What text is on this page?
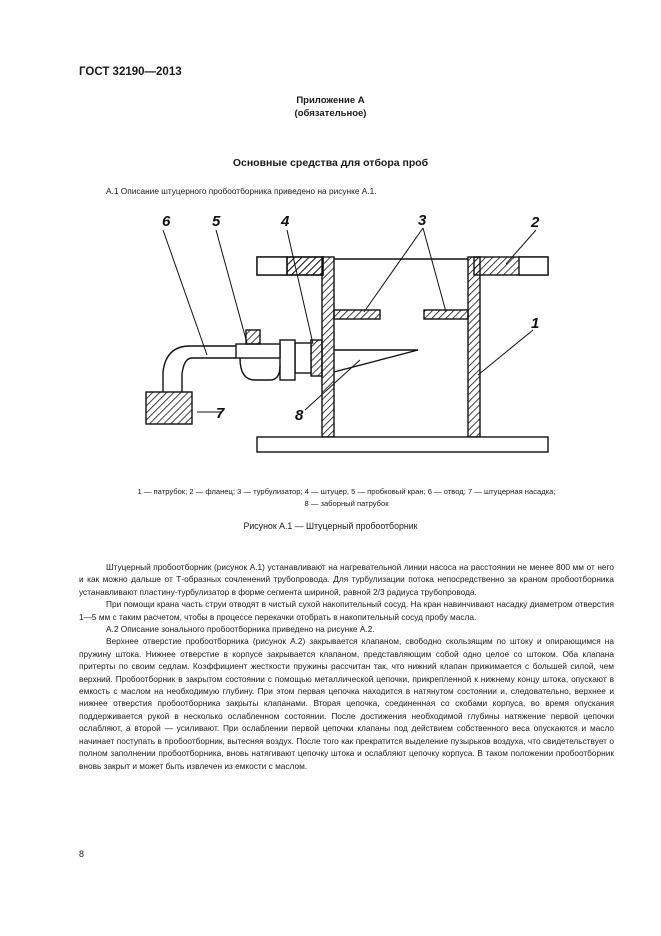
ГОСТ 32190—2013
Приложение А
(обязательное)
Основные средства для отбора проб
А.1 Описание штуцерного пробоотборника приведено на рисунке А.1.
6	5	4	3	2
1
7	8
1 — патрубок; 2 — фланец; 3 — турбулизатор; 4 — штуцер, 5 — пробковый кран; 6 — отвод; 7 — штуцерная насадка;
8 — заборный патрубок
Рисунок А.1 — Штуцерный пробоотборник

Штуцерный пробоотборник (рисунок А.1) устанавливают на нагревательной линии насоса на расстоянии не менее 800 мм от него и как можно дальше от Т-образных сочленений трубопровода. Для турбулизации потока непосредственно за краном пробоотборника устанавливают пластину-турбулизатор в форме сегмента шириной, равной 2/3 радиуса трубопровода.

При помощи крана часть струи отводят в чистый сухой накопительный сосуд. На кран навинчивают насадку диаметром отверстия 1—5 мм с таким расчетом, чтобы в процессе перекачки отобрать в накопительный сосуд пробу масла.

А.2 Описание зонального пробоотборника приведено на рисунке А.2.

Верхнее отверстие пробоотборника (рисунок А.2) закрывается клапаном, свободно скользящим по штоку и опирающимся на пружину штока. Нижнее отверстие в корпусе закрывается клапаном, представляющим собой одно целое со штоком. Оба клапана притерты по своим седлам. Коэффициент жесткости пружины рассчитан так, что нижний клапан прижимается с большей силой, чем верхний. Пробоотборник в закрытом состоянии с помощью металлической цепочки, прикрепленной к нижнему концу штока, опускают в емкость с маслом на необходимую глубину. При этом первая цепочка находится в натянутом состоянии и, следовательно, верхнее и нижнее отверстия пробоотборника закрыты клапанами. Вторая цепочка, соединенная со скобами корпуса, во время опускания поддерживается рукой в несколько ослабленном состоянии. После достижения необходимой глубины натяжение первой цепочки ослабляют, а второй — усиливают. При ослаблении первой цепочки клапаны под действием собственного веса опускаются и масло начинает поступать в пробоотборник, вытесняя воздух. После того как прекратится выделение пузырьков воздуха, что свидетельствует о полном заполнении пробоотборника, вновь натягивают цепочку штока и ослабляют цепочку корпуса. В таком положении пробоотборник вновь закрыт и может быть извлечен из емкости с маслом.

8
